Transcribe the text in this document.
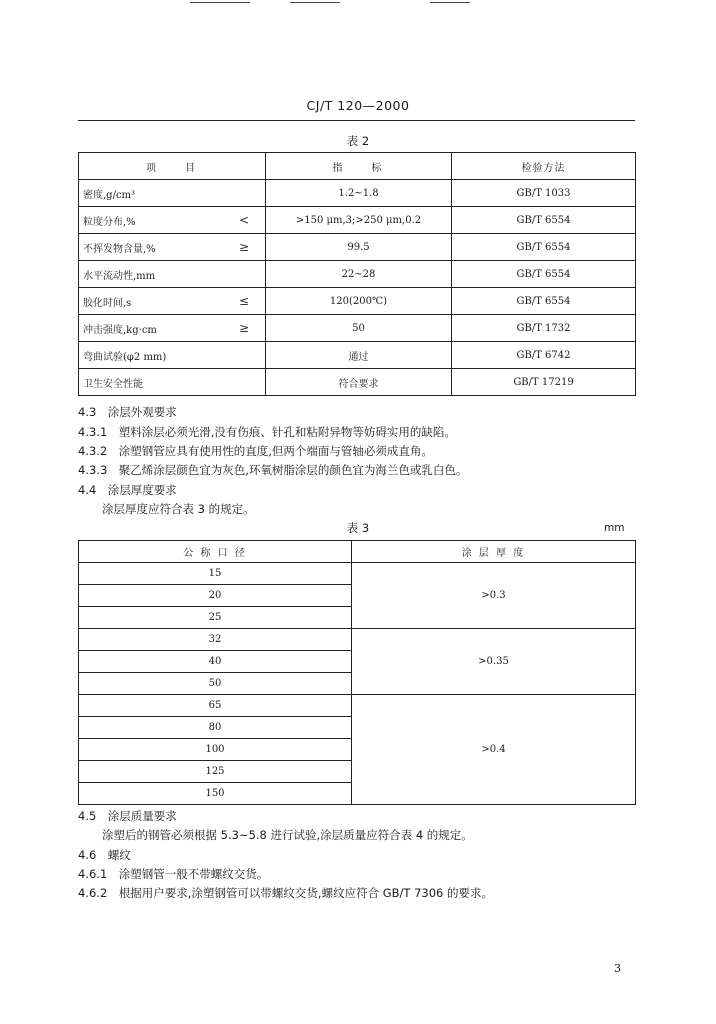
CJ/T 120—2000
表 2
项　　目	指　　标	检验方法
密度,g/cm³	1.2~1.8	GB/T 1033
粒度分布,% <	>150 μm,3;>250 μm,0.2	GB/T 6554
不挥发物含量,% ≥	99.5	GB/T 6554
水平流动性,mm	22~28	GB/T 6554
胶化时间,s ≤	120(200℃)	GB/T 6554
冲击强度,kg·cm ≥	50	GB/T 1732
弯曲试验(φ2 mm)	通过	GB/T 6742
卫生安全性能	符合要求	GB/T 17219
4.3　涂层外观要求
4.3.1　塑料涂层必须光滑,没有伤痕、针孔和粘附异物等妨碍实用的缺陷。
4.3.2　涂塑钢管应具有使用性的直度,但两个端面与管轴必须成直角。
4.3.3　聚乙烯涂层颜色宜为灰色,环氧树脂涂层的颜色宜为海兰色或乳白色。
4.4　涂层厚度要求
涂层厚度应符合表 3 的规定。
表 3	mm
公 称 口 径	涂 层 厚 度
15	>0.3
20	
25	
32	>0.35
40	
50	
65	>0.4
80	
100	
125	
150	
4.5　涂层质量要求
涂塑后的钢管必须根据 5.3~5.8 进行试验,涂层质量应符合表 4 的规定。
4.6　螺纹
4.6.1　涂塑钢管一般不带螺纹交货。
4.6.2　根据用户要求,涂塑钢管可以带螺纹交货,螺纹应符合 GB/T 7306 的要求。
3
